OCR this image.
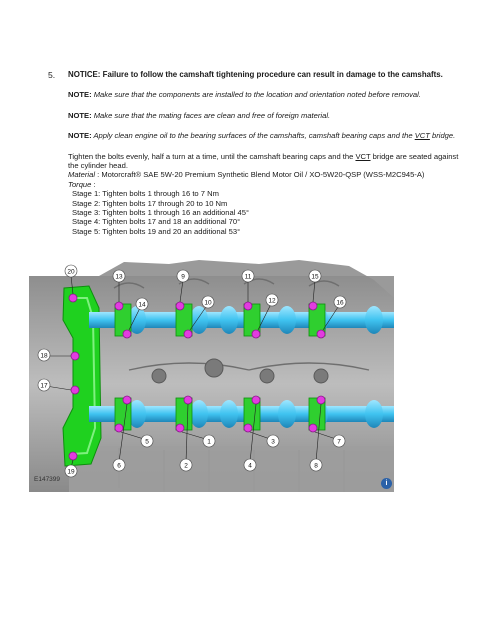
5. NOTICE: Failure to follow the camshaft tightening procedure can result in damage to the camshafts.

NOTE: Make sure that the components are installed to the location and orientation noted before removal.

NOTE: Make sure that the mating faces are clean and free of foreign material.

NOTE: Apply clean engine oil to the bearing surfaces of the camshafts, camshaft bearing caps and the VCT bridge.

Tighten the bolts evenly, half a turn at a time, until the camshaft bearing caps and the VCT bridge are seated against the cylinder head.
Material : Motorcraft® SAE 5W-20 Premium Synthetic Blend Motor Oil / XO-5W20-QSP (WSS-M2C945-A)
Torque :

Stage 1: Tighten bolts 1 through 16 to 7 Nm
Stage 2: Tighten bolts 17 through 20 to 10 Nm
Stage 3: Tighten bolts 1 through 16 an additional 45°
Stage 4: Tighten bolts 17 and 18 an additional 70°
Stage 5: Tighten bolts 19 and 20 an additional 53°
20
13	9	11	15
14	10	12	16
18
17
5	1	3	7
6	2	4	8
19
E147399
i
